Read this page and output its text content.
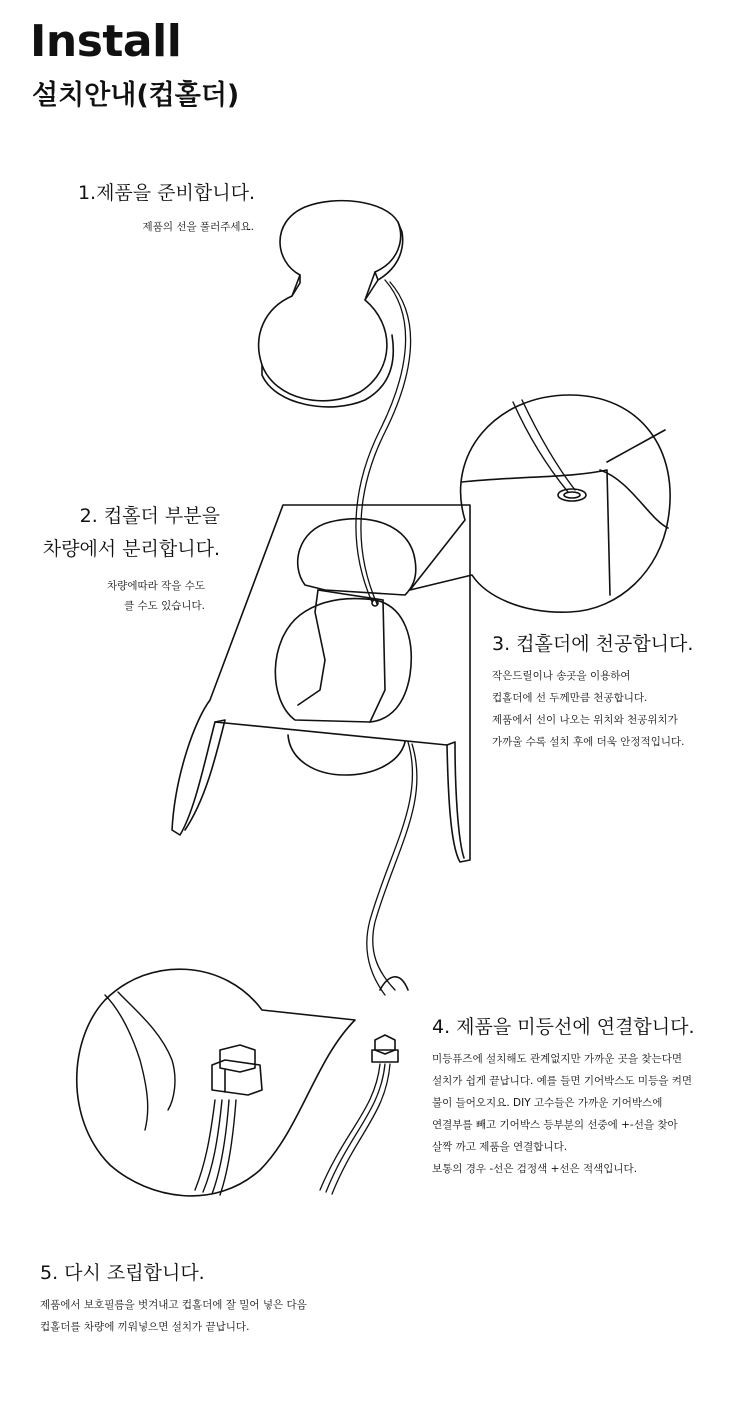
Install
설치안내(컵홀더)
1.제품을 준비합니다.
제품의 선을 풀러주세요.
2. 컵홀더 부분을
차량에서 분리합니다.
차량에따라 작을 수도
클 수도 있습니다.
3. 컵홀더에 천공합니다.
작은드릴이나 송곳을 이용하여
컵홀더에 선 두께만큼 천공합니다.
제품에서 선이 나오는 위치와 천공위치가
가까울 수록 설치 후에 더욱 안정적입니다.
4. 제품을 미등선에 연결합니다.
미등퓨즈에 설치해도 관계없지만 가까운 곳을 찾는다면
설치가 쉽게 끝납니다. 예를 들면 기어박스도 미등을 켜면
불이 들어오지요. DIY 고수들은 가까운 기어박스에
연결부를 빼고 기어박스 등부분의 선중에 +-선을 찾아
살짝 까고 제품을 연결합니다.
보통의 경우 -선은 검정색 +선은 적색입니다.
5. 다시 조립합니다.
제품에서 보호필름을 벗겨내고 컵홀더에 잘 밀어 넣은 다음
컵홀더를 차량에 끼워넣으면 설치가 끝납니다.
